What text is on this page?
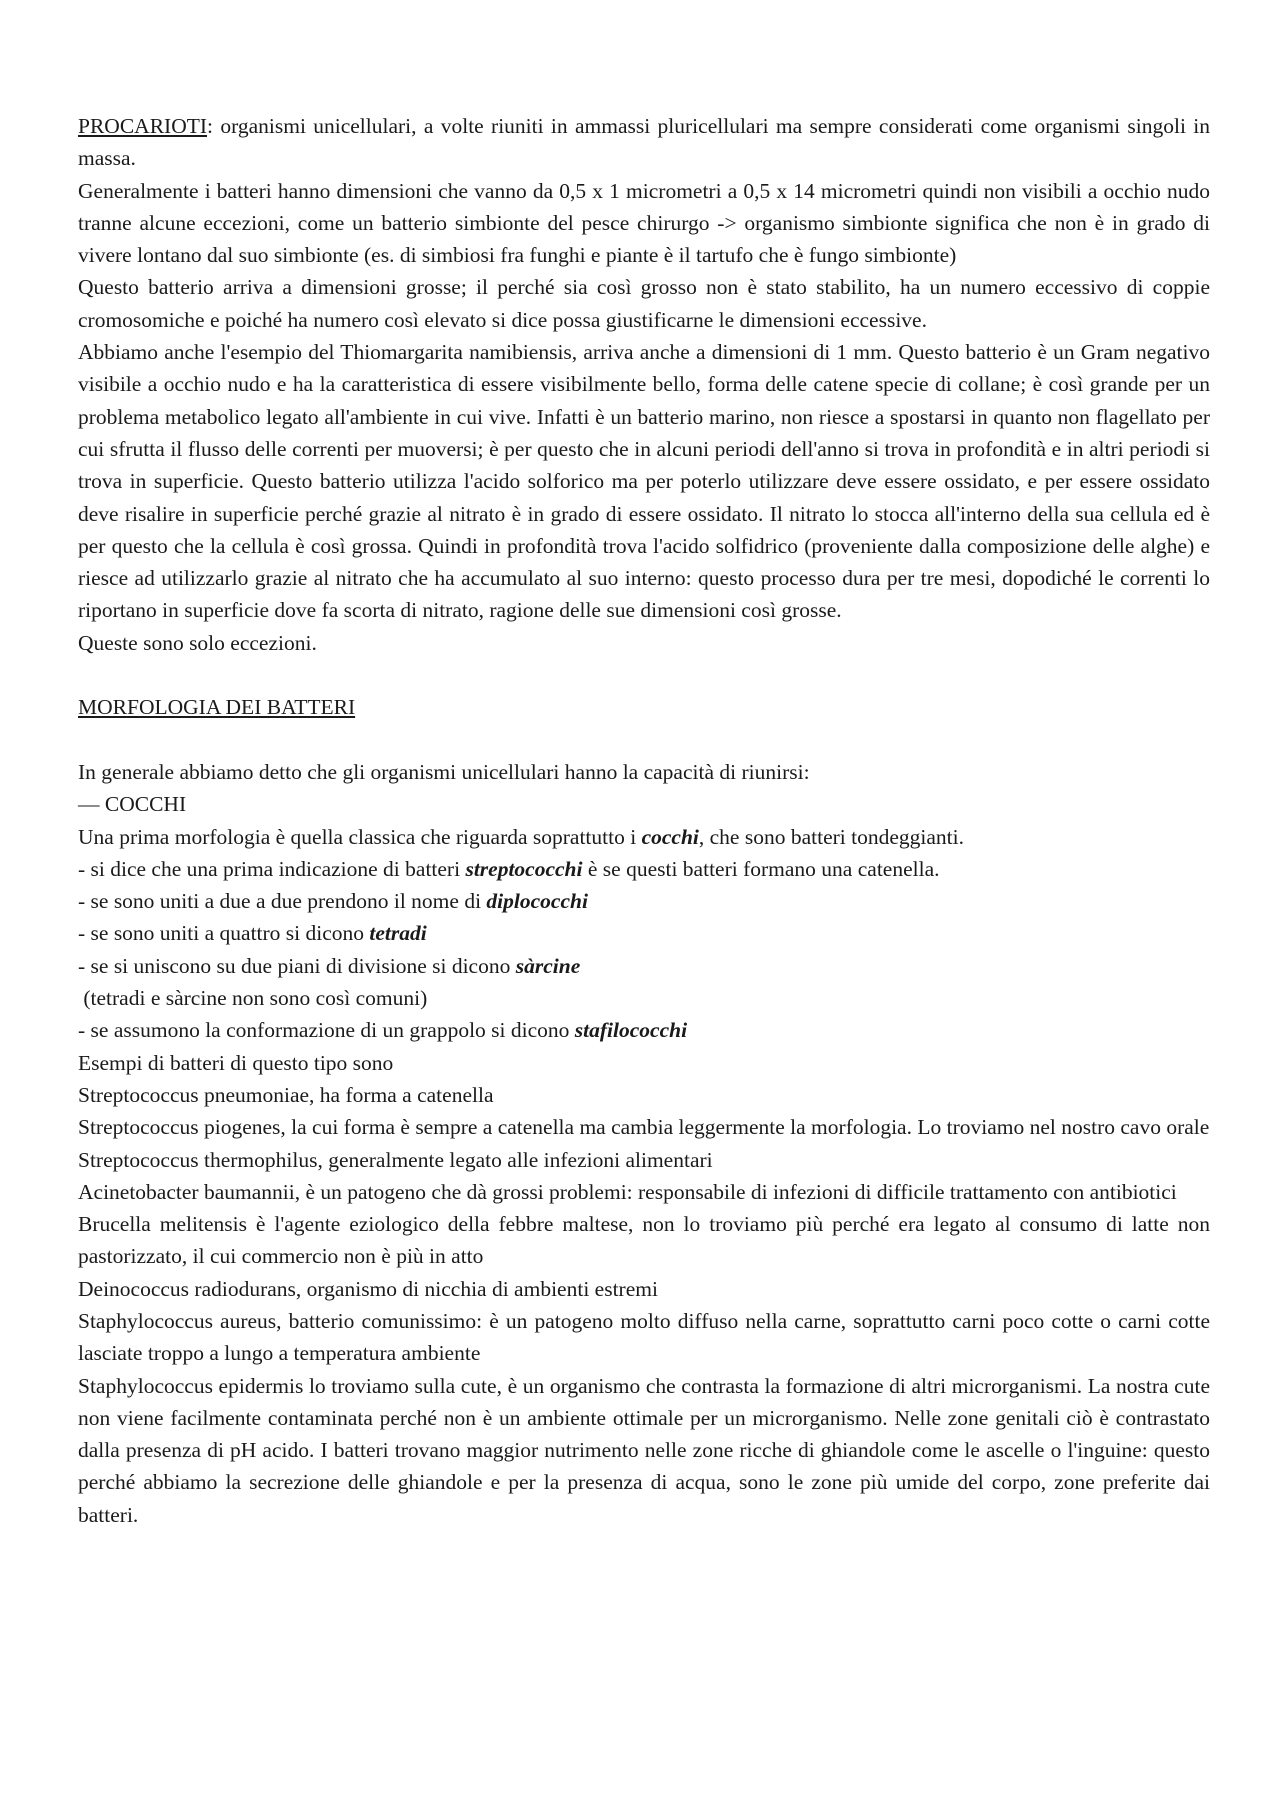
PROCARIOTI: organismi unicellulari, a volte riuniti in ammassi pluricellulari ma sempre considerati come organismi singoli in massa.

Generalmente i batteri hanno dimensioni che vanno da 0,5 x 1 micrometri a 0,5 x 14 micrometri quindi non visibili a occhio nudo tranne alcune eccezioni, come un batterio simbionte del pesce chirurgo -> organismo simbionte significa che non è in grado di vivere lontano dal suo simbionte (es. di simbiosi fra funghi e piante è il tartufo che è fungo simbionte)

Questo batterio arriva a dimensioni grosse; il perché sia così grosso non è stato stabilito, ha un numero eccessivo di coppie cromosomiche e poiché ha numero così elevato si dice possa giustificarne le dimensioni eccessive.

Abbiamo anche l'esempio del Thiomargarita namibiensis, arriva anche a dimensioni di 1 mm. Questo batterio è un Gram negativo visibile a occhio nudo e ha la caratteristica di essere visibilmente bello, forma delle catene specie di collane; è così grande per un problema metabolico legato all'ambiente in cui vive. Infatti è un batterio marino, non riesce a spostarsi in quanto non flagellato per cui sfrutta il flusso delle correnti per muoversi; è per questo che in alcuni periodi dell'anno si trova in profondità e in altri periodi si trova in superficie. Questo batterio utilizza l'acido solforico ma per poterlo utilizzare deve essere ossidato, e per essere ossidato deve risalire in superficie perché grazie al nitrato è in grado di essere ossidato. Il nitrato lo stocca all'interno della sua cellula ed è per questo che la cellula è così grossa. Quindi in profondità trova l'acido solfidrico (proveniente dalla composizione delle alghe) e riesce ad utilizzarlo grazie al nitrato che ha accumulato al suo interno: questo processo dura per tre mesi, dopodiché le correnti lo riportano in superficie dove fa scorta di nitrato, ragione delle sue dimensioni così grosse.

Queste sono solo eccezioni.

MORFOLOGIA DEI BATTERI

In generale abbiamo detto che gli organismi unicellulari hanno la capacità di riunirsi:

— COCCHI

Una prima morfologia è quella classica che riguarda soprattutto i cocchi, che sono batteri tondeggianti.

- si dice che una prima indicazione di batteri streptococchi è se questi batteri formano una catenella.

- se sono uniti a due a due prendono il nome di diplococchi

- se sono uniti a quattro si dicono tetradi

- se si uniscono su due piani di divisione si dicono sàrcine

(tetradi e sàrcine non sono così comuni)

- se assumono la conformazione di un grappolo si dicono stafilococchi

Esempi di batteri di questo tipo sono

Streptococcus pneumoniae, ha forma a catenella

Streptococcus piogenes, la cui forma è sempre a catenella ma cambia leggermente la morfologia. Lo troviamo nel nostro cavo orale

Streptococcus thermophilus, generalmente legato alle infezioni alimentari

Acinetobacter baumannii, è un patogeno che dà grossi problemi: responsabile di infezioni di difficile trattamento con antibiotici

Brucella melitensis è l'agente eziologico della febbre maltese, non lo troviamo più perché era legato al consumo di latte non pastorizzato, il cui commercio non è più in atto

Deinococcus radiodurans, organismo di nicchia di ambienti estremi

Staphylococcus aureus, batterio comunissimo: è un patogeno molto diffuso nella carne, soprattutto carni poco cotte o carni cotte lasciate troppo a lungo a temperatura ambiente

Staphylococcus epidermis lo troviamo sulla cute, è un organismo che contrasta la formazione di altri microrganismi. La nostra cute non viene facilmente contaminata perché non è un ambiente ottimale per un microrganismo. Nelle zone genitali ciò è contrastato dalla presenza di pH acido. I batteri trovano maggior nutrimento nelle zone ricche di ghiandole come le ascelle o l'inguine: questo perché abbiamo la secrezione delle ghiandole e per la presenza di acqua, sono le zone più umide del corpo, zone preferite dai batteri.
